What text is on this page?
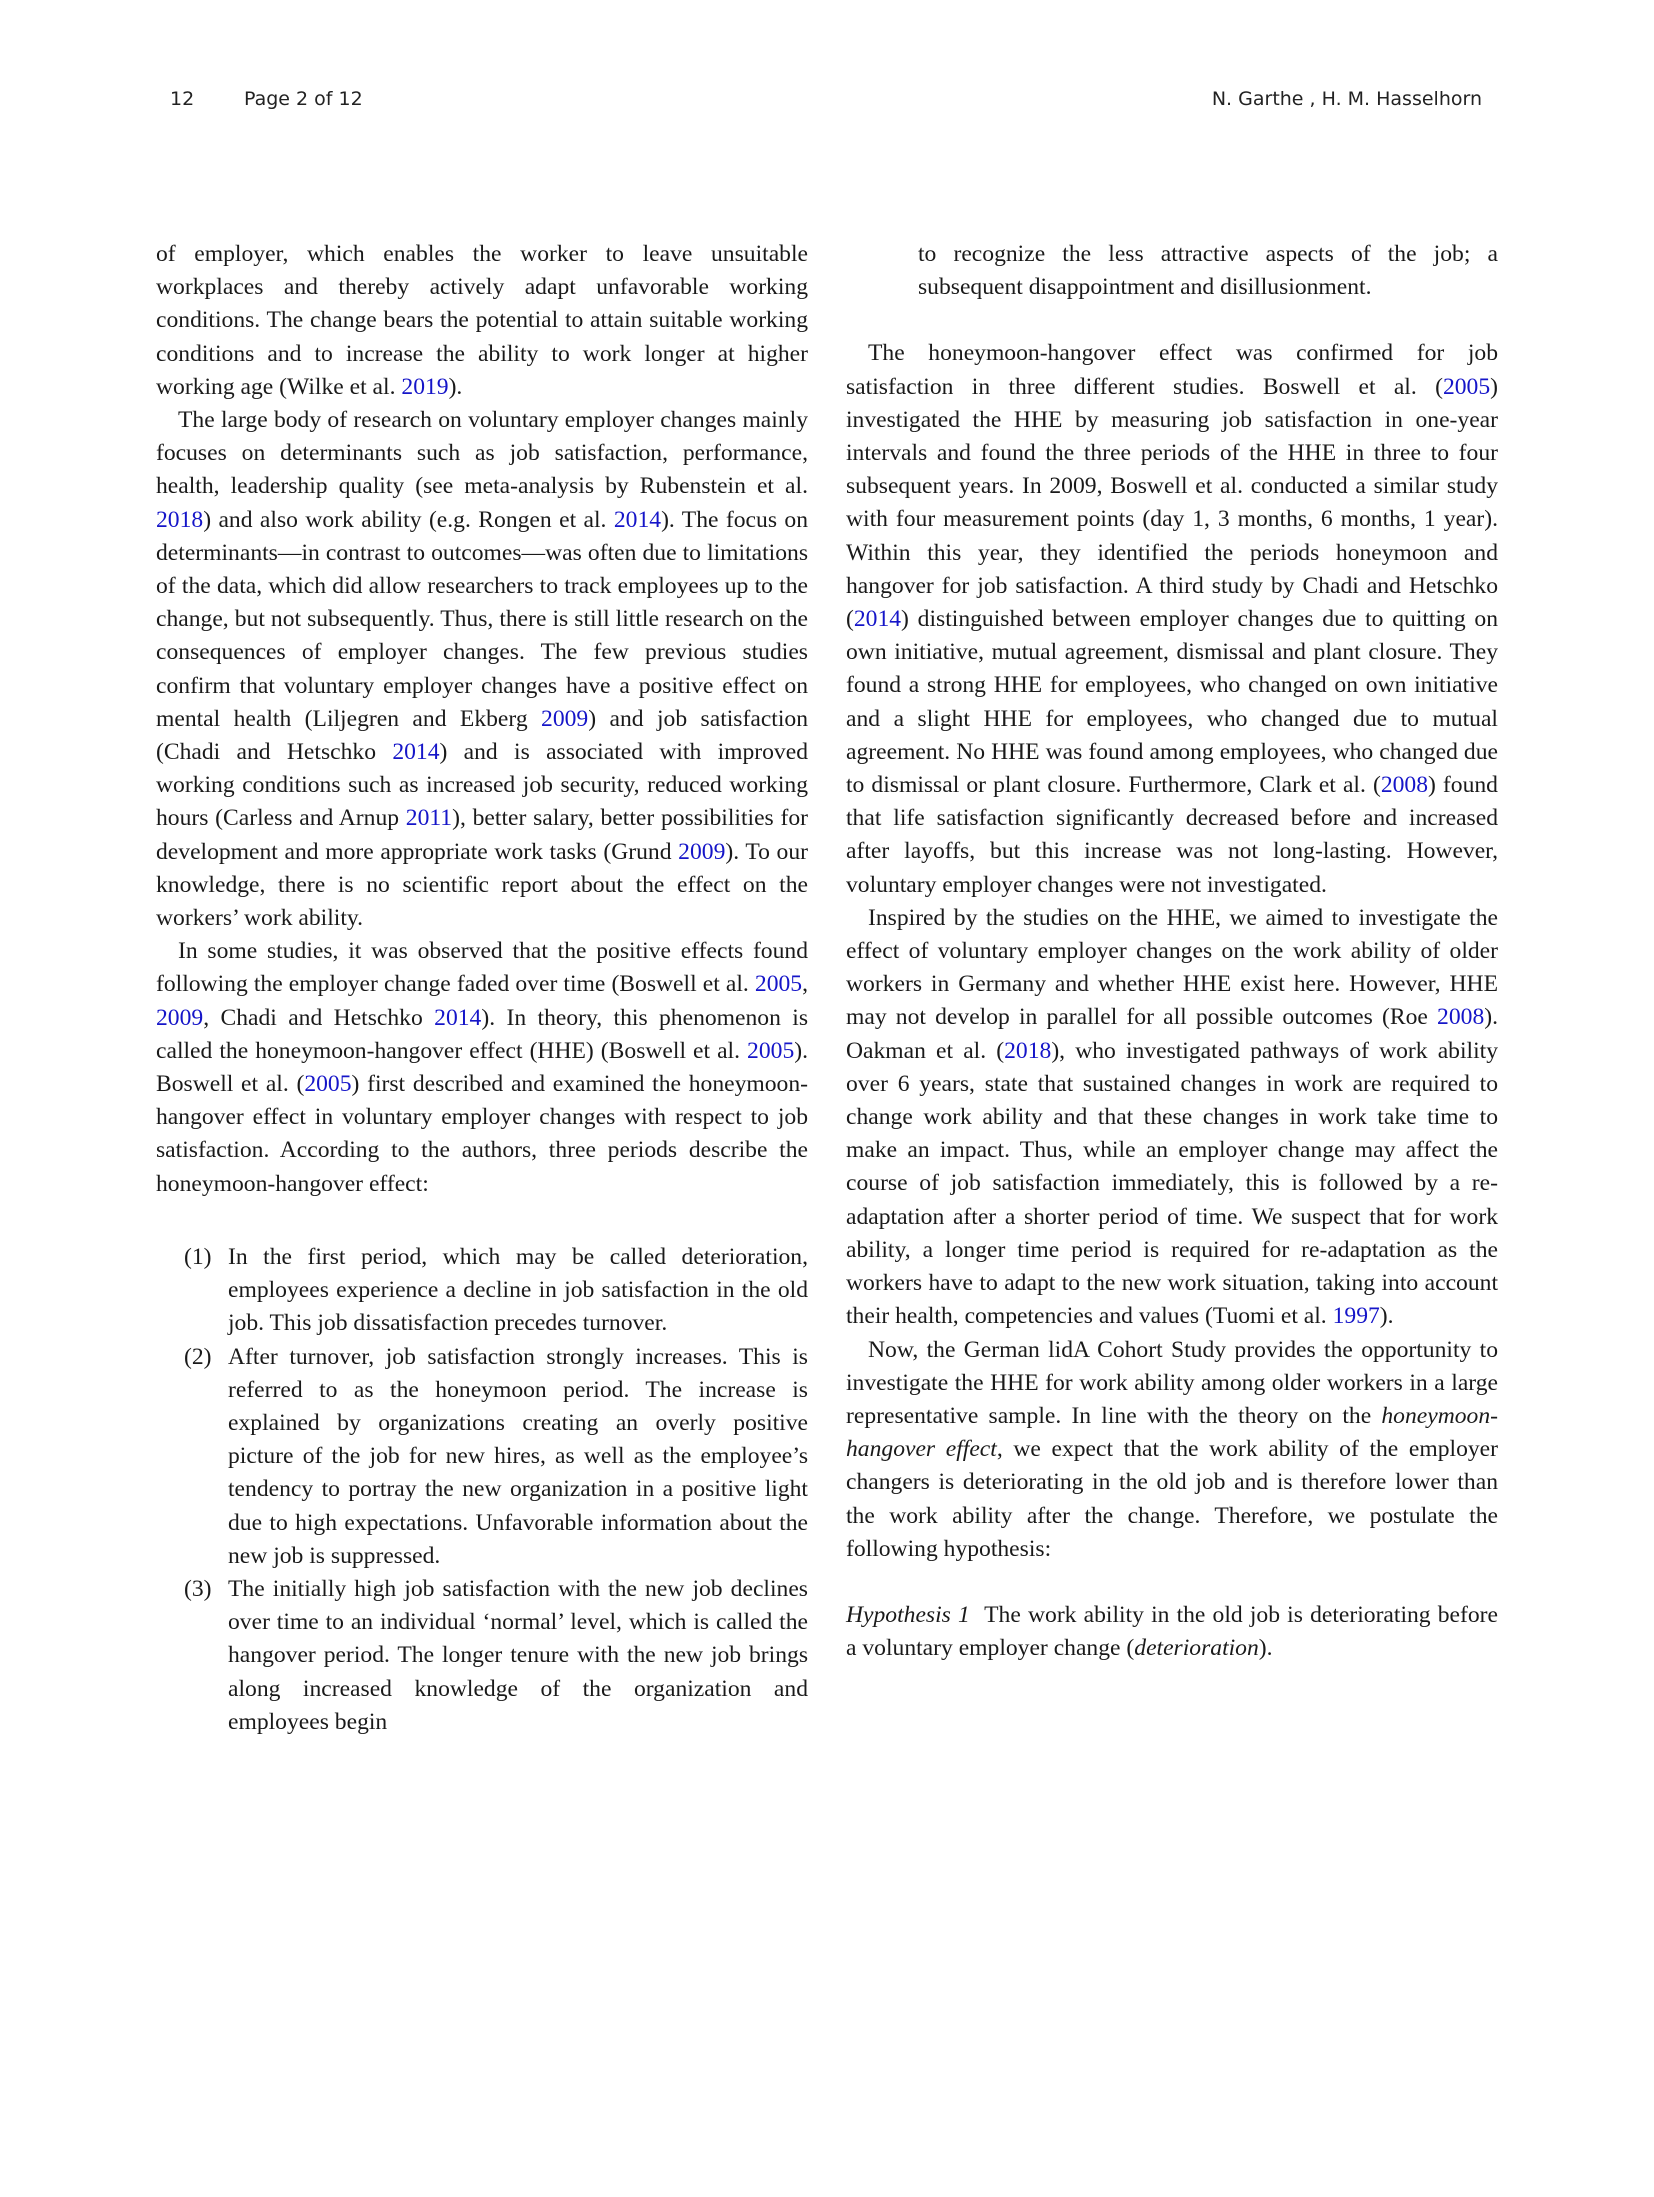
12	Page 2 of 12	N. Garthe , H. M. Hasselhorn

of employer, which enables the worker to leave unsuitable workplaces and thereby actively adapt unfavorable working conditions. The change bears the potential to attain suitable working conditions and to increase the ability to work longer at higher working age (Wilke et al. 2019).

The large body of research on voluntary employer changes mainly focuses on determinants such as job satisfaction, performance, health, leadership quality (see meta-analysis by Rubenstein et al. 2018) and also work ability (e.g. Rongen et al. 2014). The focus on determinants—in contrast to outcomes—was often due to limitations of the data, which did allow researchers to track employees up to the change, but not subsequently. Thus, there is still little research on the consequences of employer changes. The few previous studies confirm that voluntary employer changes have a positive effect on mental health (Liljegren and Ekberg 2009) and job satisfaction (Chadi and Hetschko 2014) and is associated with improved working conditions such as increased job security, reduced working hours (Carless and Arnup 2011), better salary, better possibilities for development and more appropriate work tasks (Grund 2009). To our knowledge, there is no scientific report about the effect on the workers’ work ability.

In some studies, it was observed that the positive effects found following the employer change faded over time (Boswell et al. 2005, 2009, Chadi and Hetschko 2014). In theory, this phenomenon is called the honeymoon-hangover effect (HHE) (Boswell et al. 2005). Boswell et al. (2005) first described and examined the honeymoon-hangover effect in voluntary employer changes with respect to job satisfaction. According to the authors, three periods describe the honeymoon-hangover effect:

(1) In the first period, which may be called deterioration, employees experience a decline in job satisfaction in the old job. This job dissatisfaction precedes turnover.
(2) After turnover, job satisfaction strongly increases. This is referred to as the honeymoon period. The increase is explained by organizations creating an overly positive picture of the job for new hires, as well as the employee’s tendency to portray the new organization in a positive light due to high expectations. Unfavorable information about the new job is suppressed.
(3) The initially high job satisfaction with the new job declines over time to an individual ‘normal’ level, which is called the hangover period. The longer tenure with the new job brings along increased knowledge of the organization and employees begin

to recognize the less attractive aspects of the job; a subsequent disappointment and disillusionment.

The honeymoon-hangover effect was confirmed for job satisfaction in three different studies. Boswell et al. (2005) investigated the HHE by measuring job satisfaction in one-year intervals and found the three periods of the HHE in three to four subsequent years. In 2009, Boswell et al. conducted a similar study with four measurement points (day 1, 3 months, 6 months, 1 year). Within this year, they identified the periods honeymoon and hangover for job satisfaction. A third study by Chadi and Hetschko (2014) distinguished between employer changes due to quitting on own initiative, mutual agreement, dismissal and plant closure. They found a strong HHE for employees, who changed on own initiative and a slight HHE for employees, who changed due to mutual agreement. No HHE was found among employees, who changed due to dismissal or plant closure. Furthermore, Clark et al. (2008) found that life satisfaction significantly decreased before and increased after layoffs, but this increase was not long-lasting. However, voluntary employer changes were not investigated.

Inspired by the studies on the HHE, we aimed to investigate the effect of voluntary employer changes on the work ability of older workers in Germany and whether HHE exist here. However, HHE may not develop in parallel for all possible outcomes (Roe 2008). Oakman et al. (2018), who investigated pathways of work ability over 6 years, state that sustained changes in work are required to change work ability and that these changes in work take time to make an impact. Thus, while an employer change may affect the course of job satisfaction immediately, this is followed by a re-adaptation after a shorter period of time. We suspect that for work ability, a longer time period is required for re-adaptation as the workers have to adapt to the new work situation, taking into account their health, competencies and values (Tuomi et al. 1997).

Now, the German lidA Cohort Study provides the opportunity to investigate the HHE for work ability among older workers in a large representative sample. In line with the theory on the honeymoon-hangover effect, we expect that the work ability of the employer changers is deteriorating in the old job and is therefore lower than the work ability after the change. Therefore, we postulate the following hypothesis:

Hypothesis 1 The work ability in the old job is deteriorating before a voluntary employer change (deterioration).
